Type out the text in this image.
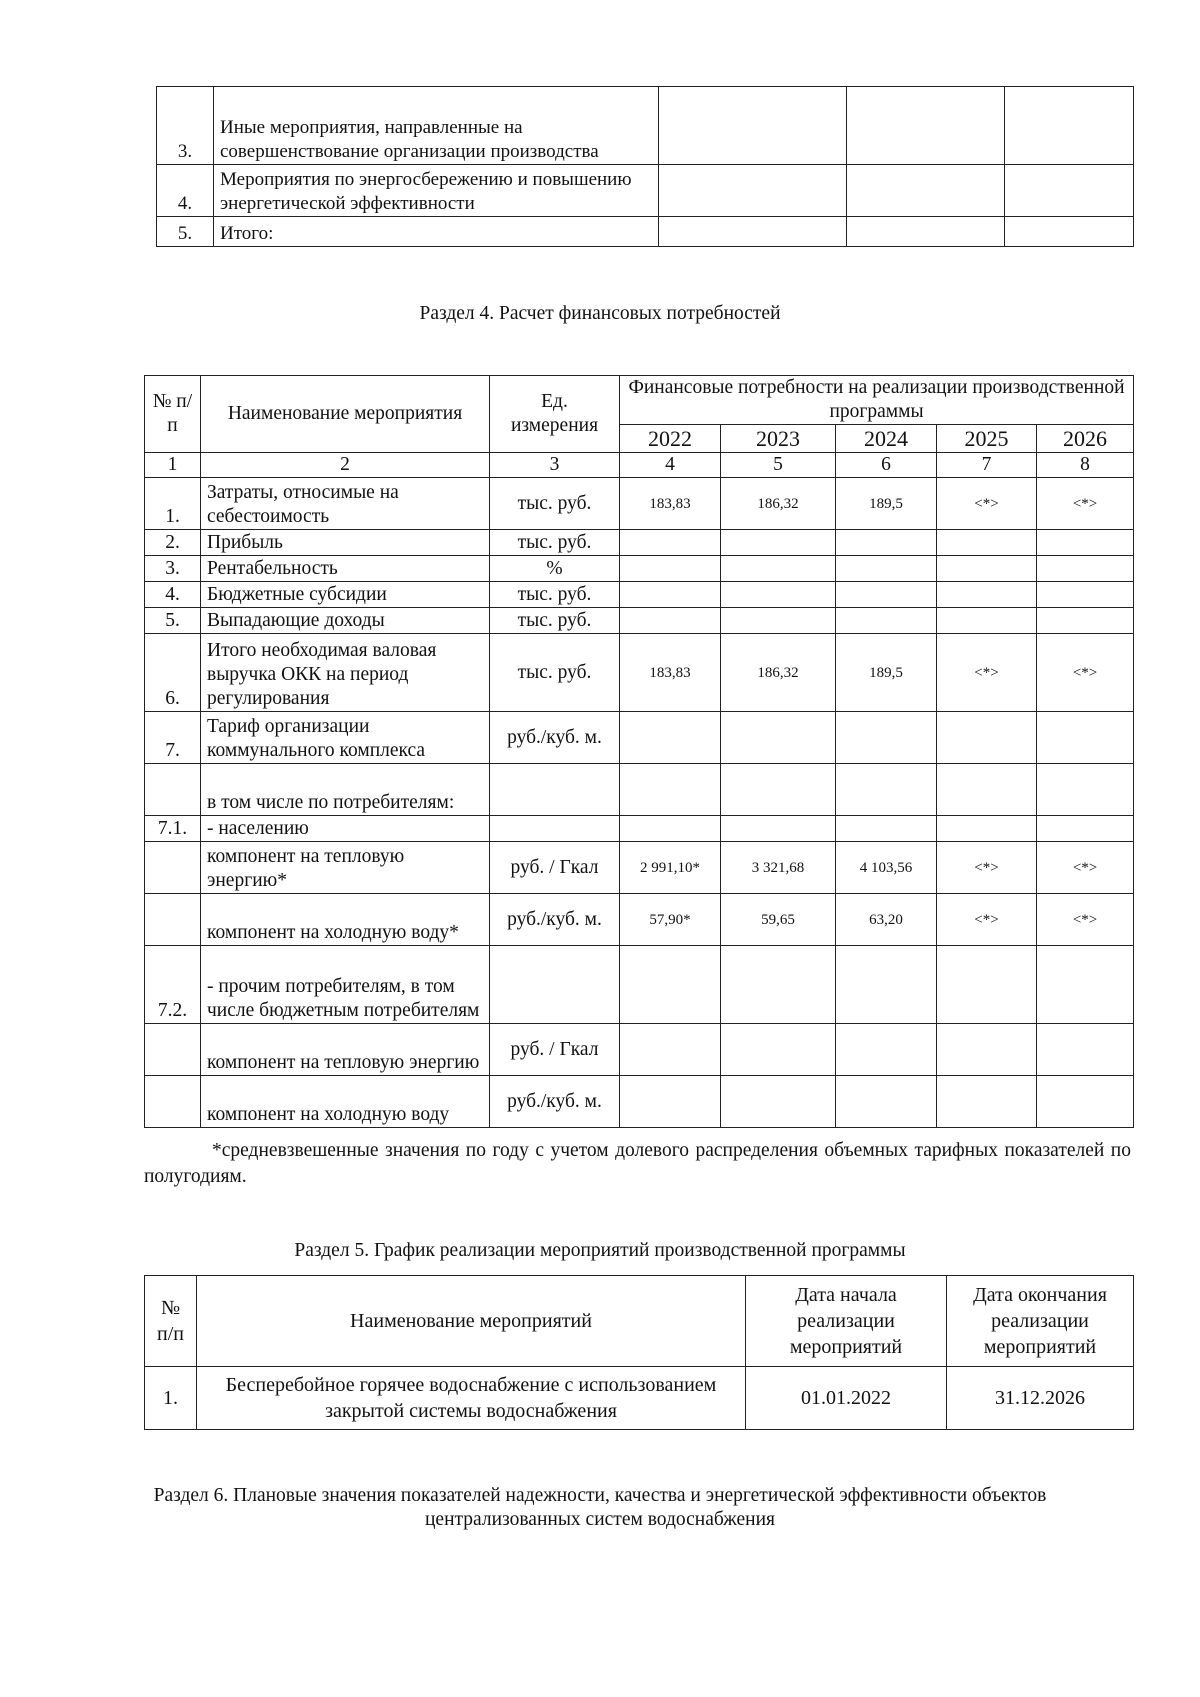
3.	Иные мероприятия, направленные на совершенствование организации производства			
4.	Мероприятия по энергосбережению и повышению энергетической эффективности			
5.	Итого:			
Раздел 4. Расчет финансовых потребностей
№ п/п	Наименование мероприятия	Ед. измерения	Финансовые потребности на реализации производственной программы				
			2022	2023	2024	2025	2026
1	2	3	4	5	6	7	8
1.	Затраты, относимые на себестоимость	тыс. руб.	183,83	186,32	189,5	<*>	<*>
2.	Прибыль	тыс. руб.					
3.	Рентабельность	%					
4.	Бюджетные субсидии	тыс. руб.					
5.	Выпадающие доходы	тыс. руб.					
6.	Итого необходимая валовая выручка ОКК на период регулирования	тыс. руб.	183,83	186,32	189,5	<*>	<*>
7.	Тариф организации коммунального комплекса	руб./куб. м.					
	в том числе по потребителям:						
7.1.	- населению						
	компонент на тепловую энергию*	руб. / Гкал	2 991,10*	3 321,68	4 103,56	<*>	<*>
	компонент на холодную воду*	руб./куб. м.	57,90*	59,65	63,20	<*>	<*>
7.2.	- прочим потребителям, в том числе бюджетным потребителям						
	компонент на тепловую энергию	руб. / Гкал					
	компонент на холодную воду	руб./куб. м.					
*средневзвешенные значения по году с учетом долевого распределения объемных тарифных показателей по полугодиям.
Раздел 5. График реализации мероприятий производственной программы
№ п/п	Наименование мероприятий	Дата начала реализации мероприятий	Дата окончания реализации мероприятий
1.	Бесперебойное горячее водоснабжение с использованием закрытой системы водоснабжения	01.01.2022	31.12.2026
Раздел 6. Плановые значения показателей надежности, качества и энергетической эффективности объектов централизованных систем водоснабжения
